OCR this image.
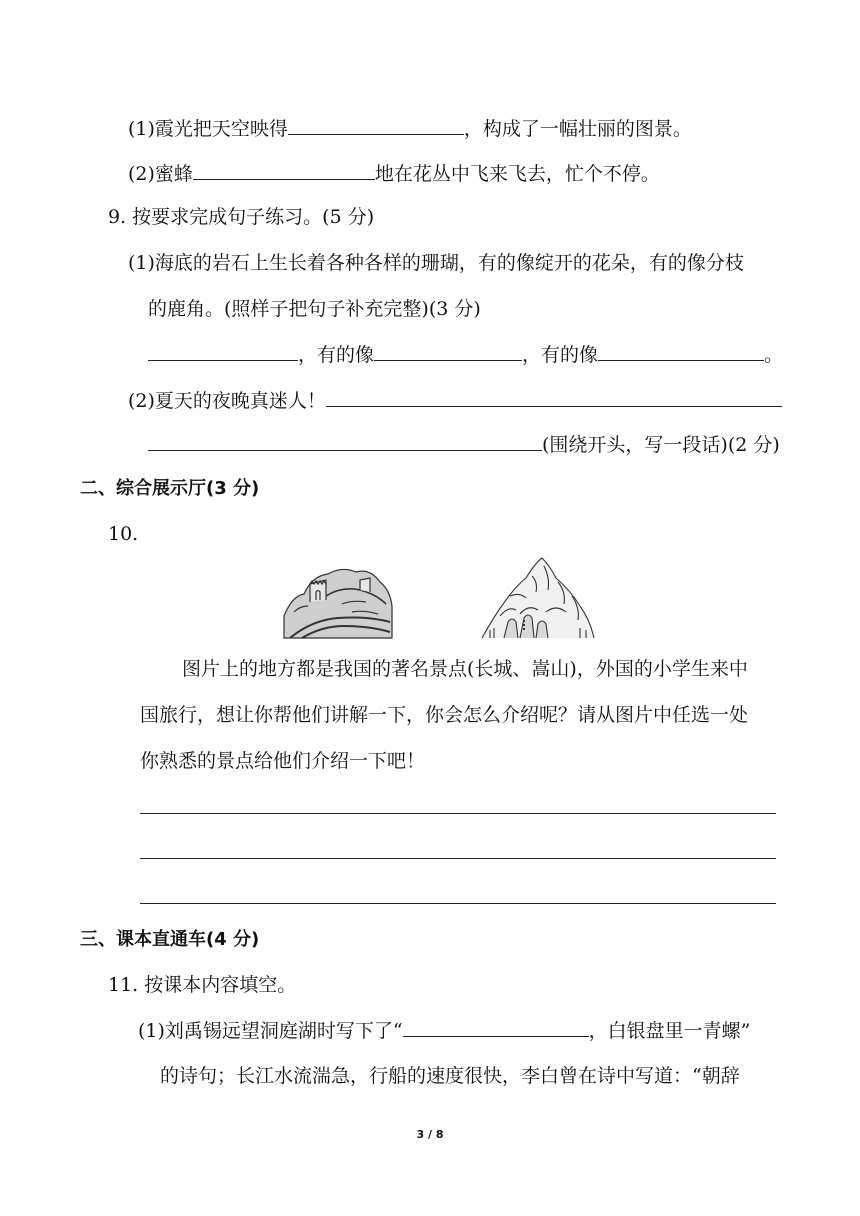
(1)霞光把天空映得	，构成了一幅壮丽的图景。
(2)蜜蜂	地在花丛中飞来飞去，忙个不停。
9. 按要求完成句子练习。(5 分)
(1)海底的岩石上生长着各种各样的珊瑚，有的像绽开的花朵，有的像分枝
的鹿角。(照样子把句子补充完整)(3 分)
，有的像	，有的像	。
(2)夏天的夜晚真迷人！
(围绕开头，写一段话)(2 分)
二、综合展示厅(3 分)
10.
图片上的地方都是我国的著名景点(长城、嵩山)，外国的小学生来中
国旅行，想让你帮他们讲解一下，你会怎么介绍呢？请从图片中任选一处
你熟悉的景点给他们介绍一下吧！
三、课本直通车(4 分)
11. 按课本内容填空。
(1)刘禹锡远望洞庭湖时写下了“	，白银盘里一青螺”
的诗句；长江水流湍急，行船的速度很快，李白曾在诗中写道：“朝辞
3 / 8
